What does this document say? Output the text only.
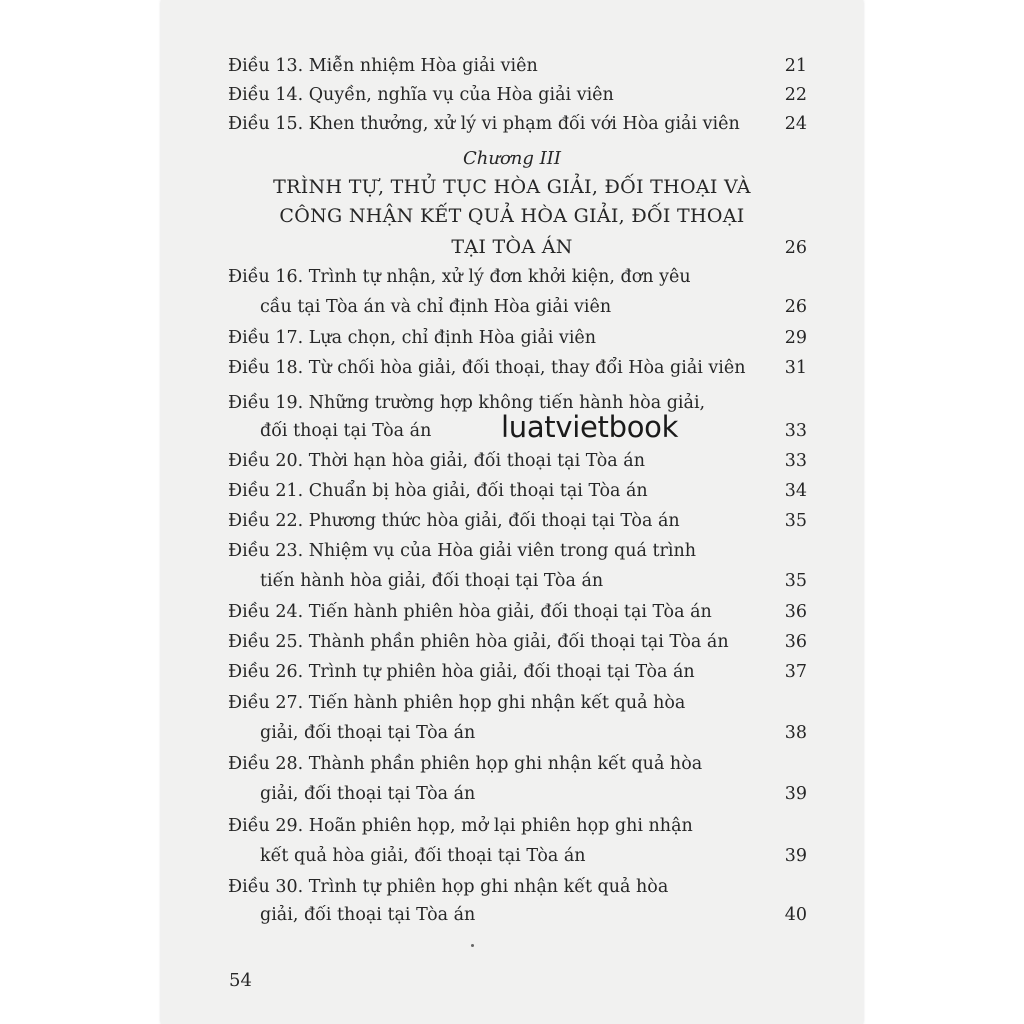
Điều 13. Miễn nhiệm Hòa giải viên	21
Điều 14. Quyền, nghĩa vụ của Hòa giải viên	22
Điều 15. Khen thưởng, xử lý vi phạm đối với Hòa giải viên	24
Chương III
TRÌNH TỰ, THỦ TỤC HÒA GIẢI, ĐỐI THOẠI VÀ
CÔNG NHẬN KẾT QUẢ HÒA GIẢI, ĐỐI THOẠI
TẠI TÒA ÁN	26
Điều 16. Trình tự nhận, xử lý đơn khởi kiện, đơn yêu
cầu tại Tòa án và chỉ định Hòa giải viên	26
Điều 17. Lựa chọn, chỉ định Hòa giải viên	29
Điều 18. Từ chối hòa giải, đối thoại, thay đổi Hòa giải viên 31
Điều 19. Những trường hợp không tiến hành hòa giải,
đối thoại tại Tòa án	33
Điều 20. Thời hạn hòa giải, đối thoại tại Tòa án	33
Điều 21. Chuẩn bị hòa giải, đối thoại tại Tòa án	34
Điều 22. Phương thức hòa giải, đối thoại tại Tòa án	35
Điều 23. Nhiệm vụ của Hòa giải viên trong quá trình
tiến hành hòa giải, đối thoại tại Tòa án	35
Điều 24. Tiến hành phiên hòa giải, đối thoại tại Tòa án	36
Điều 25. Thành phần phiên hòa giải, đối thoại tại Tòa án	36
Điều 26. Trình tự phiên hòa giải, đối thoại tại Tòa án	37
Điều 27. Tiến hành phiên họp ghi nhận kết quả hòa
giải, đối thoại tại Tòa án	38
Điều 28. Thành phần phiên họp ghi nhận kết quả hòa
giải, đối thoại tại Tòa án	39
Điều 29. Hoãn phiên họp, mở lại phiên họp ghi nhận
kết quả hòa giải, đối thoại tại Tòa án	39
Điều 30. Trình tự phiên họp ghi nhận kết quả hòa
giải, đối thoại tại Tòa án	40
luatvietbook
54
